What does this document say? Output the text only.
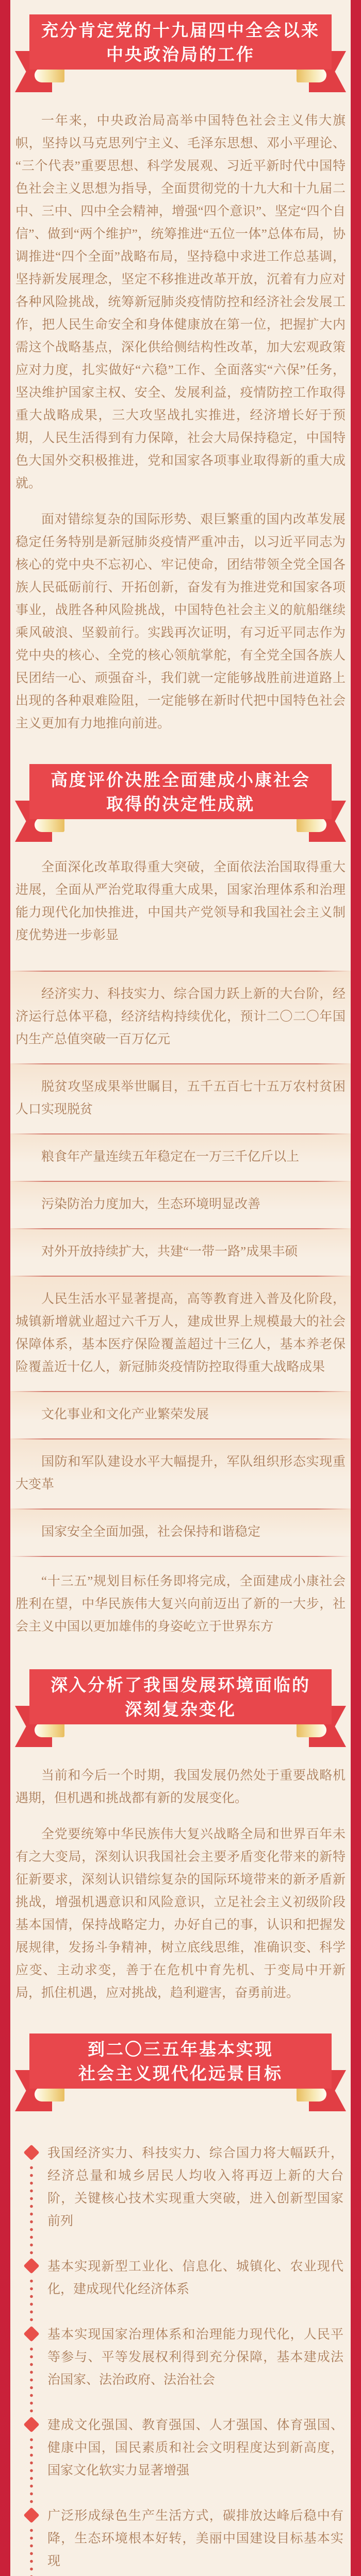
充分肯定党的十九届四中全会以来
中央政治局的工作

一年来，中央政治局高举中国特色社会主义伟大旗帜，坚持以马克思列宁主义、毛泽东思想、邓小平理论、“三个代表”重要思想、科学发展观、习近平新时代中国特色社会主义思想为指导，全面贯彻党的十九大和十九届二中、三中、四中全会精神，增强“四个意识”、坚定“四个自信”、做到“两个维护”，统筹推进“五位一体”总体布局，协调推进“四个全面”战略布局，坚持稳中求进工作总基调，坚持新发展理念，坚定不移推进改革开放，沉着有力应对各种风险挑战，统筹新冠肺炎疫情防控和经济社会发展工作，把人民生命安全和身体健康放在第一位，把握扩大内需这个战略基点，深化供给侧结构性改革，加大宏观政策应对力度，扎实做好“六稳”工作、全面落实“六保”任务，坚决维护国家主权、安全、发展利益，疫情防控工作取得重大战略成果，三大攻坚战扎实推进，经济增长好于预期，人民生活得到有力保障，社会大局保持稳定，中国特色大国外交积极推进，党和国家各项事业取得新的重大成就。

面对错综复杂的国际形势、艰巨繁重的国内改革发展稳定任务特别是新冠肺炎疫情严重冲击，以习近平同志为核心的党中央不忘初心、牢记使命，团结带领全党全国各族人民砥砺前行、开拓创新，奋发有为推进党和国家各项事业，战胜各种风险挑战，中国特色社会主义的航船继续乘风破浪、坚毅前行。实践再次证明，有习近平同志作为党中央的核心、全党的核心领航掌舵，有全党全国各族人民团结一心、顽强奋斗，我们就一定能够战胜前进道路上出现的各种艰难险阻，一定能够在新时代把中国特色社会主义更加有力地推向前进。

高度评价决胜全面建成小康社会
取得的决定性成就

全面深化改革取得重大突破，全面依法治国取得重大进展，全面从严治党取得重大成果，国家治理体系和治理能力现代化加快推进，中国共产党领导和我国社会主义制度优势进一步彰显

经济实力、科技实力、综合国力跃上新的大台阶，经济运行总体平稳，经济结构持续优化，预计二〇二〇年国内生产总值突破一百万亿元

脱贫攻坚成果举世瞩目，五千五百七十五万农村贫困人口实现脱贫

粮食年产量连续五年稳定在一万三千亿斤以上

污染防治力度加大，生态环境明显改善

对外开放持续扩大，共建“一带一路”成果丰硕

人民生活水平显著提高，高等教育进入普及化阶段，城镇新增就业超过六千万人，建成世界上规模最大的社会保障体系，基本医疗保险覆盖超过十三亿人，基本养老保险覆盖近十亿人，新冠肺炎疫情防控取得重大战略成果

文化事业和文化产业繁荣发展

国防和军队建设水平大幅提升，军队组织形态实现重大变革

国家安全全面加强，社会保持和谐稳定

“十三五”规划目标任务即将完成，全面建成小康社会胜利在望，中华民族伟大复兴向前迈出了新的一大步，社会主义中国以更加雄伟的身姿屹立于世界东方

深入分析了我国发展环境面临的
深刻复杂变化

当前和今后一个时期，我国发展仍然处于重要战略机遇期，但机遇和挑战都有新的发展变化。

全党要统筹中华民族伟大复兴战略全局和世界百年未有之大变局，深刻认识我国社会主要矛盾变化带来的新特征新要求，深刻认识错综复杂的国际环境带来的新矛盾新挑战，增强机遇意识和风险意识，立足社会主义初级阶段基本国情，保持战略定力，办好自己的事，认识和把握发展规律，发扬斗争精神，树立底线思维，准确识变、科学应变、主动求变，善于在危机中育先机、于变局中开新局，抓住机遇，应对挑战，趋利避害，奋勇前进。

到二〇三五年基本实现
社会主义现代化远景目标
我国经济实力、科技实力、综合国力将大幅跃升，经济总量和城乡居民人均收入将再迈上新的大台阶，关键核心技术实现重大突破，进入创新型国家前列
基本实现新型工业化、信息化、城镇化、农业现代化，建成现代化经济体系
基本实现国家治理体系和治理能力现代化，人民平等参与、平等发展权利得到充分保障，基本建成法治国家、法治政府、法治社会
建成文化强国、教育强国、人才强国、体育强国、健康中国，国民素质和社会文明程度达到新高度，国家文化软实力显著增强
广泛形成绿色生产生活方式，碳排放达峰后稳中有降，生态环境根本好转，美丽中国建设目标基本实现
